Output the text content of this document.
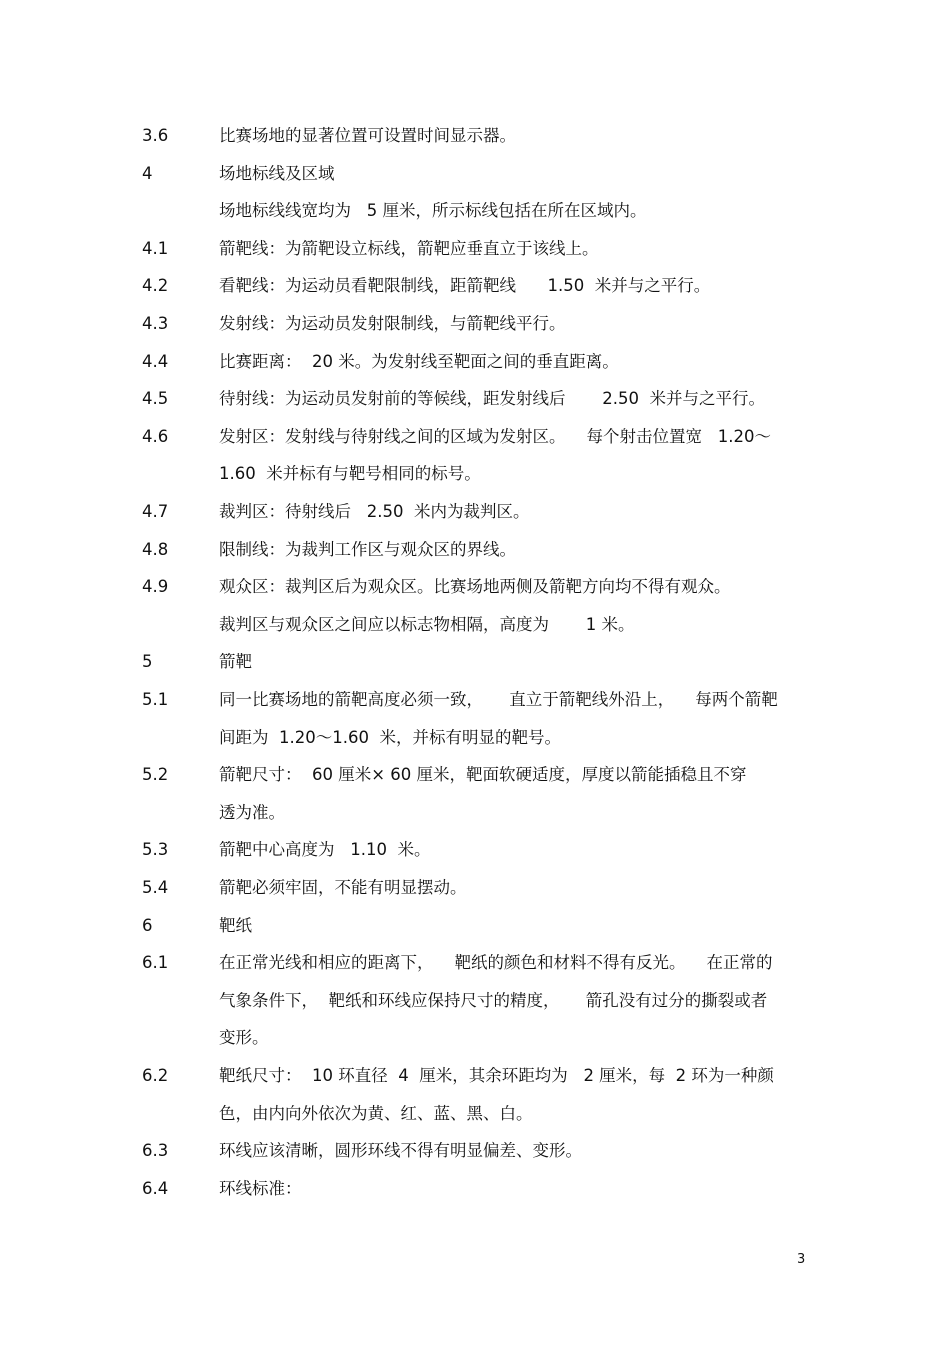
3.6	比赛场地的显著位置可设置时间显示器。
4	场地标线及区域
场地标线线宽均为   5 厘米，所示标线包括在所在区域内。
4.1	箭靶线：为箭靶设立标线，箭靶应垂直立于该线上。
4.2	看靶线：为运动员看靶限制线，距箭靶线      1.50  米并与之平行。
4.3	发射线：为运动员发射限制线，与箭靶线平行。
4.4	比赛距离：  20 米。为发射线至靶面之间的垂直距离。
4.5	待射线：为运动员发射前的等候线，距发射线后       2.50  米并与之平行。
4.6	发射区：发射线与待射线之间的区域为发射区。    每个射击位置宽   1.20～
1.60  米并标有与靶号相同的标号。
4.7	裁判区：待射线后   2.50  米内为裁判区。
4.8	限制线：为裁判工作区与观众区的界线。
4.9	观众区：裁判区后为观众区。比赛场地两侧及箭靶方向均不得有观众。
裁判区与观众区之间应以标志物相隔，高度为       1 米。
5	箭靶
5.1	同一比赛场地的箭靶高度必须一致，     直立于箭靶线外沿上，    每两个箭靶
间距为  1.20～1.60  米，并标有明显的靶号。
5.2	箭靶尺寸：  60 厘米× 60 厘米，靶面软硬适度，厚度以箭能插稳且不穿
透为准。
5.3	箭靶中心高度为   1.10  米。
5.4	箭靶必须牢固，不能有明显摆动。
6	靶纸
6.1	在正常光线和相应的距离下，    靶纸的颜色和材料不得有反光。    在正常的
气象条件下，  靶纸和环线应保持尺寸的精度，     箭孔没有过分的撕裂或者
变形。
6.2	靶纸尺寸：  10 环直径  4  厘米，其余环距均为   2 厘米，每  2 环为一种颜
色，由内向外依次为黄、红、蓝、黑、白。
6.3	环线应该清晰，圆形环线不得有明显偏差、变形。
6.4	环线标准：
3
